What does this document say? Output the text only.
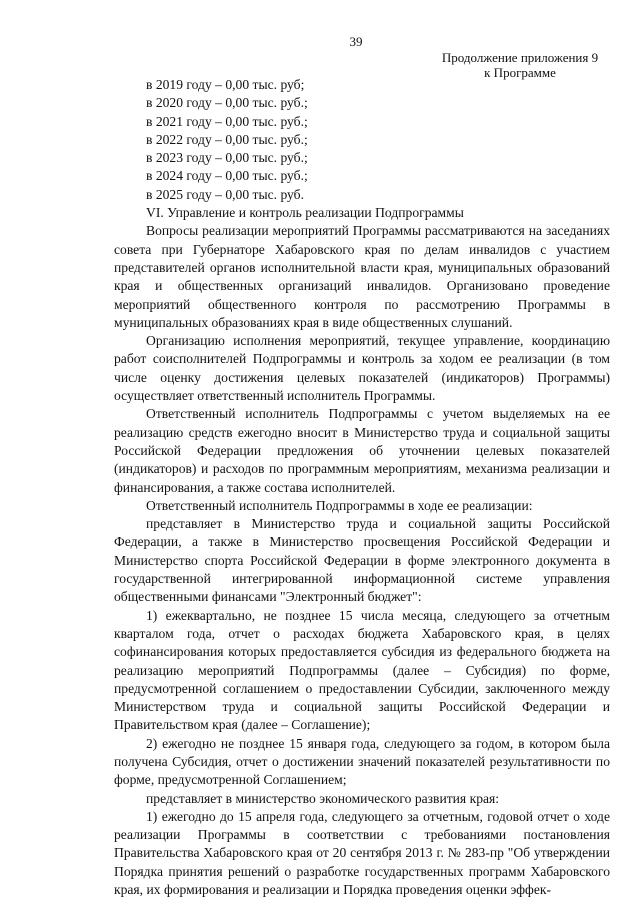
39
Продолжение приложения 9
к Программе
в 2019 году – 0,00 тыс. руб;
в 2020 году – 0,00 тыс. руб.;
в 2021 году – 0,00 тыс. руб.;
в 2022 году – 0,00 тыс. руб.;
в 2023 году – 0,00 тыс. руб.;
в 2024 году – 0,00 тыс. руб.;
в 2025 году – 0,00 тыс. руб.
VI. Управление и контроль реализации Подпрограммы

Вопросы реализации мероприятий Программы рассматриваются на заседаниях совета при Губернаторе Хабаровского края по делам инвалидов с участием представителей органов исполнительной власти края, муниципальных образований края и общественных организаций инвалидов. Организовано проведение мероприятий общественного контроля по рассмотрению Программы в муниципальных образованиях края в виде общественных слушаний.

Организацию исполнения мероприятий, текущее управление, координацию работ соисполнителей Подпрограммы и контроль за ходом ее реализации (в том числе оценку достижения целевых показателей (индикаторов) Программы) осуществляет ответственный исполнитель Программы.

Ответственный исполнитель Подпрограммы с учетом выделяемых на ее реализацию средств ежегодно вносит в Министерство труда и социальной защиты Российской Федерации предложения об уточнении целевых показателей (индикаторов) и расходов по программным мероприятиям, механизма реализации и финансирования, а также состава исполнителей.

Ответственный исполнитель Подпрограммы в ходе ее реализации:

представляет в Министерство труда и социальной защиты Российской Федерации, а также в Министерство просвещения Российской Федерации и Министерство спорта Российской Федерации в форме электронного документа в государственной интегрированной информационной системе управления общественными финансами "Электронный бюджет":

1) ежеквартально, не позднее 15 числа месяца, следующего за отчетным кварталом года, отчет о расходах бюджета Хабаровского края, в целях софинансирования которых предоставляется субсидия из федерального бюджета на реализацию мероприятий Подпрограммы (далее – Субсидия) по форме, предусмотренной соглашением о предоставлении Субсидии, заключенного между Министерством труда и социальной защиты Российской Федерации и Правительством края (далее – Соглашение);

2) ежегодно не позднее 15 января года, следующего за годом, в котором была получена Субсидия, отчет о достижении значений показателей результативности по форме, предусмотренной Соглашением;

представляет в министерство экономического развития края:

1) ежегодно до 15 апреля года, следующего за отчетным, годовой отчет о ходе реализации Программы в соответствии с требованиями постановления Правительства Хабаровского края от 20 сентября 2013 г. № 283-пр "Об утверждении Порядка принятия решений о разработке государственных программ Хабаровского края, их формирования и реализации и Порядка проведения оценки эффек-
